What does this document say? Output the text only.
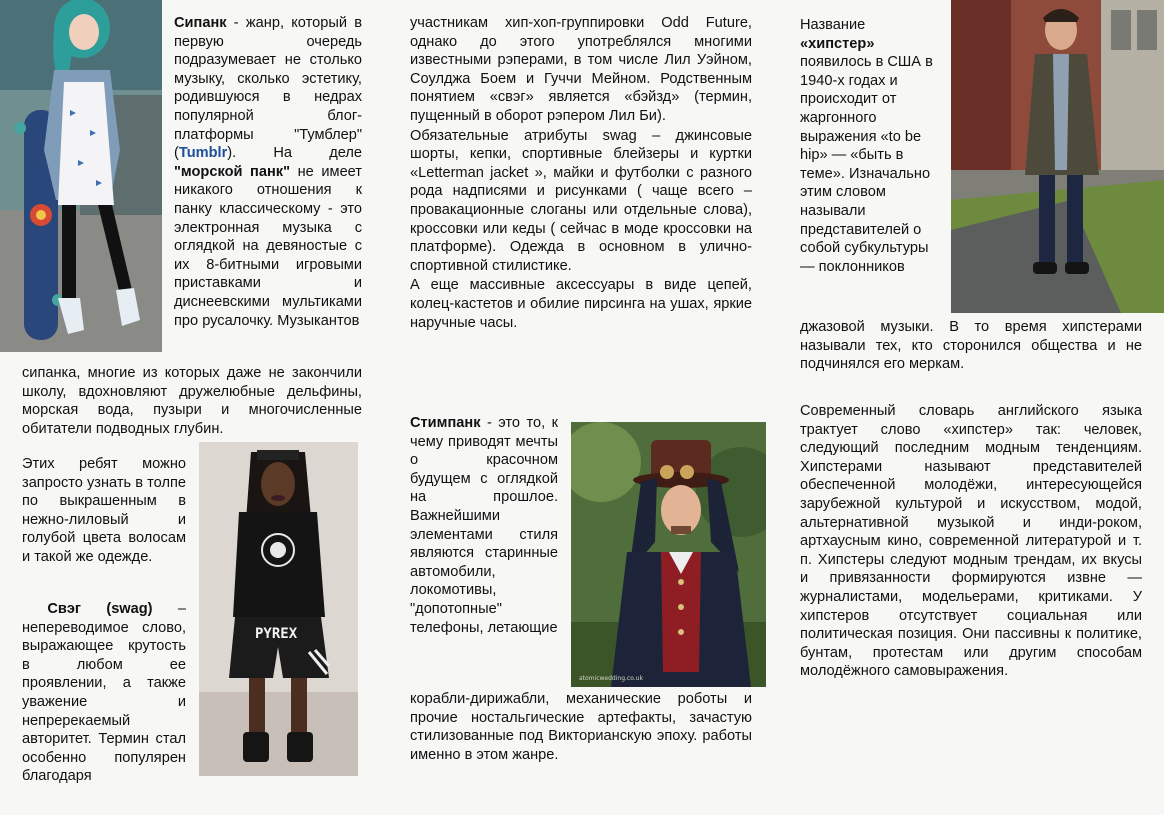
PYREX
atomicwedding.co.uk

Сипанк - жанр, который в первую очередь подразумевает не столько музыку, сколько эстетику, родившуюся в недрах популярной блог-платформы "Тумблер" (Tumblr). На деле "морской панк" не имеет никакого отношения к панку классическому - это электронная музыка с оглядкой на девяностые с их 8-битными игровыми приставками и диснеевскими мультиками про русалочку. Музыкантов

сипанка, многие из которых даже не закончили школу, вдохновляют дружелюбные дельфины, морская вода, пузыри и многочисленные обитатели подводных глубин.

Этих ребят можно запросто узнать в толпе по выкрашенным в нежно-лиловый и голубой цвета волосам и такой же одежде.

Свэг (swag) – непереводимое слово, выражающее крутость в любом ее проявлении, а также уважение и непререкаемый авторитет. Термин стал особенно популярен благодаря

участникам хип-хоп-группировки Odd Future, однако до этого употреблялся многими известными рэперами, в том числе Лил Уэйном, Соулджа Боем и Гуччи Мейном. Родственным понятием «свэг» является «бэйзд» (термин, пущенный в оборот рэпером Лил Би).

Обязательные атрибуты swag – джинсовые шорты, кепки, спортивные блейзеры и куртки «Letterman jacket », майки и футболки с разного рода надписями и рисунками ( чаще всего – провакационные слоганы или отдельные слова), кроссовки или кеды ( сейчас в моде кроссовки на платформе). Одежда в основном в улично-спортивной стилистике.

А еще массивные аксессуары в виде цепей, колец-кастетов и обилие пирсинга на ушах, яркие наручные часы.

Стимпанк - это то, к чему приводят мечты о красочном будущем с оглядкой на прошлое. Важнейшими элементами стиля являются старинные автомобили, локомотивы, "допотопные" телефоны, летающие

корабли-дирижабли, механические роботы и прочие ностальгические артефакты, зачастую стилизованные под Викторианскую эпоху. работы именно в этом жанре.

Название «хипстер» появилось в США в 1940-х годах и происходит от жаргонного выражения «to be hip» — «быть в теме». Изначально этим словом называли представителей о собой субкультуры — поклонников

джазовой музыки. В то время хипстерами называли тех, кто сторонился общества и не подчинялся его меркам.

Современный словарь английского языка трактует слово «хипстер» так: человек, следующий последним модным тенденциям. Хипстерами называют представителей обеспеченной молодёжи, интересующейся зарубежной культурой и искусством, модой, альтернативной музыкой и инди-роком, артхаусным кино, современной литературой и т. п. Хипстеры следуют модным трендам, их вкусы и привязанности формируются извне — журналистами, модельерами, критиками. У хипстеров отсутствует социальная или политическая позиция. Они пассивны к политике, бунтам, протестам или другим способам молодёжного самовыражения.
